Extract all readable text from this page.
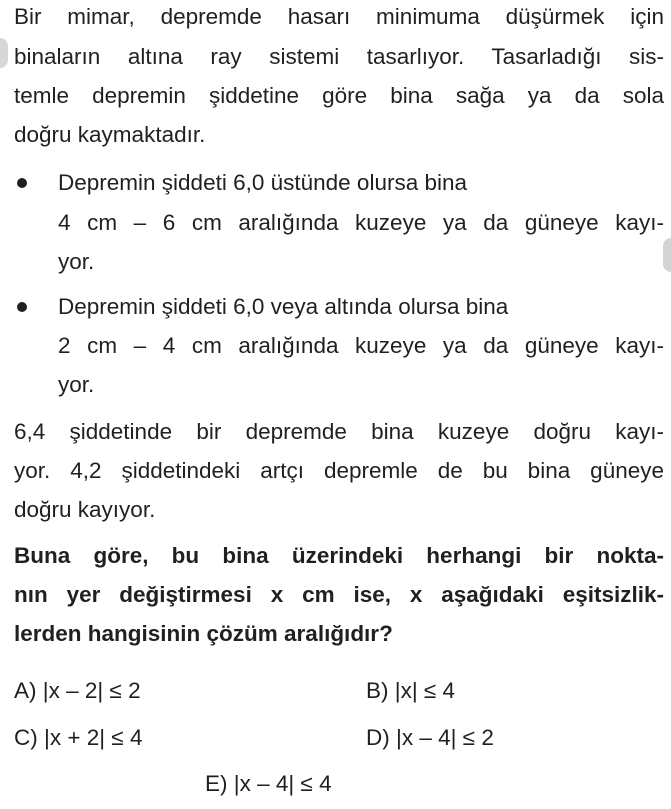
Bir mimar, depremde hasarı minimuma düşürmek için
binaların altına ray sistemi tasarlıyor. Tasarladığı sis-
temle depremin şiddetine göre bina sağa ya da sola
doğru kaymaktadır.
Depremin şiddeti 6,0 üstünde olursa bina
4 cm – 6 cm aralığında kuzeye ya da güneye kayı-
yor.
Depremin şiddeti 6,0 veya altında olursa bina
2 cm – 4 cm aralığında kuzeye ya da güneye kayı-
yor.
6,4 şiddetinde bir depremde bina kuzeye doğru kayı-
yor. 4,2 şiddetindeki artçı depremle de bu bina güneye
doğru kayıyor.
Buna göre, bu bina üzerindeki herhangi bir nokta-
nın yer değiştirmesi x cm ise, x aşağıdaki eşitsizlik-
lerden hangisinin çözüm aralığıdır?
A) |x – 2| ≤ 2	B) |x| ≤ 4
C) |x + 2| ≤ 4	D) |x – 4| ≤ 2
E) |x – 4| ≤ 4
